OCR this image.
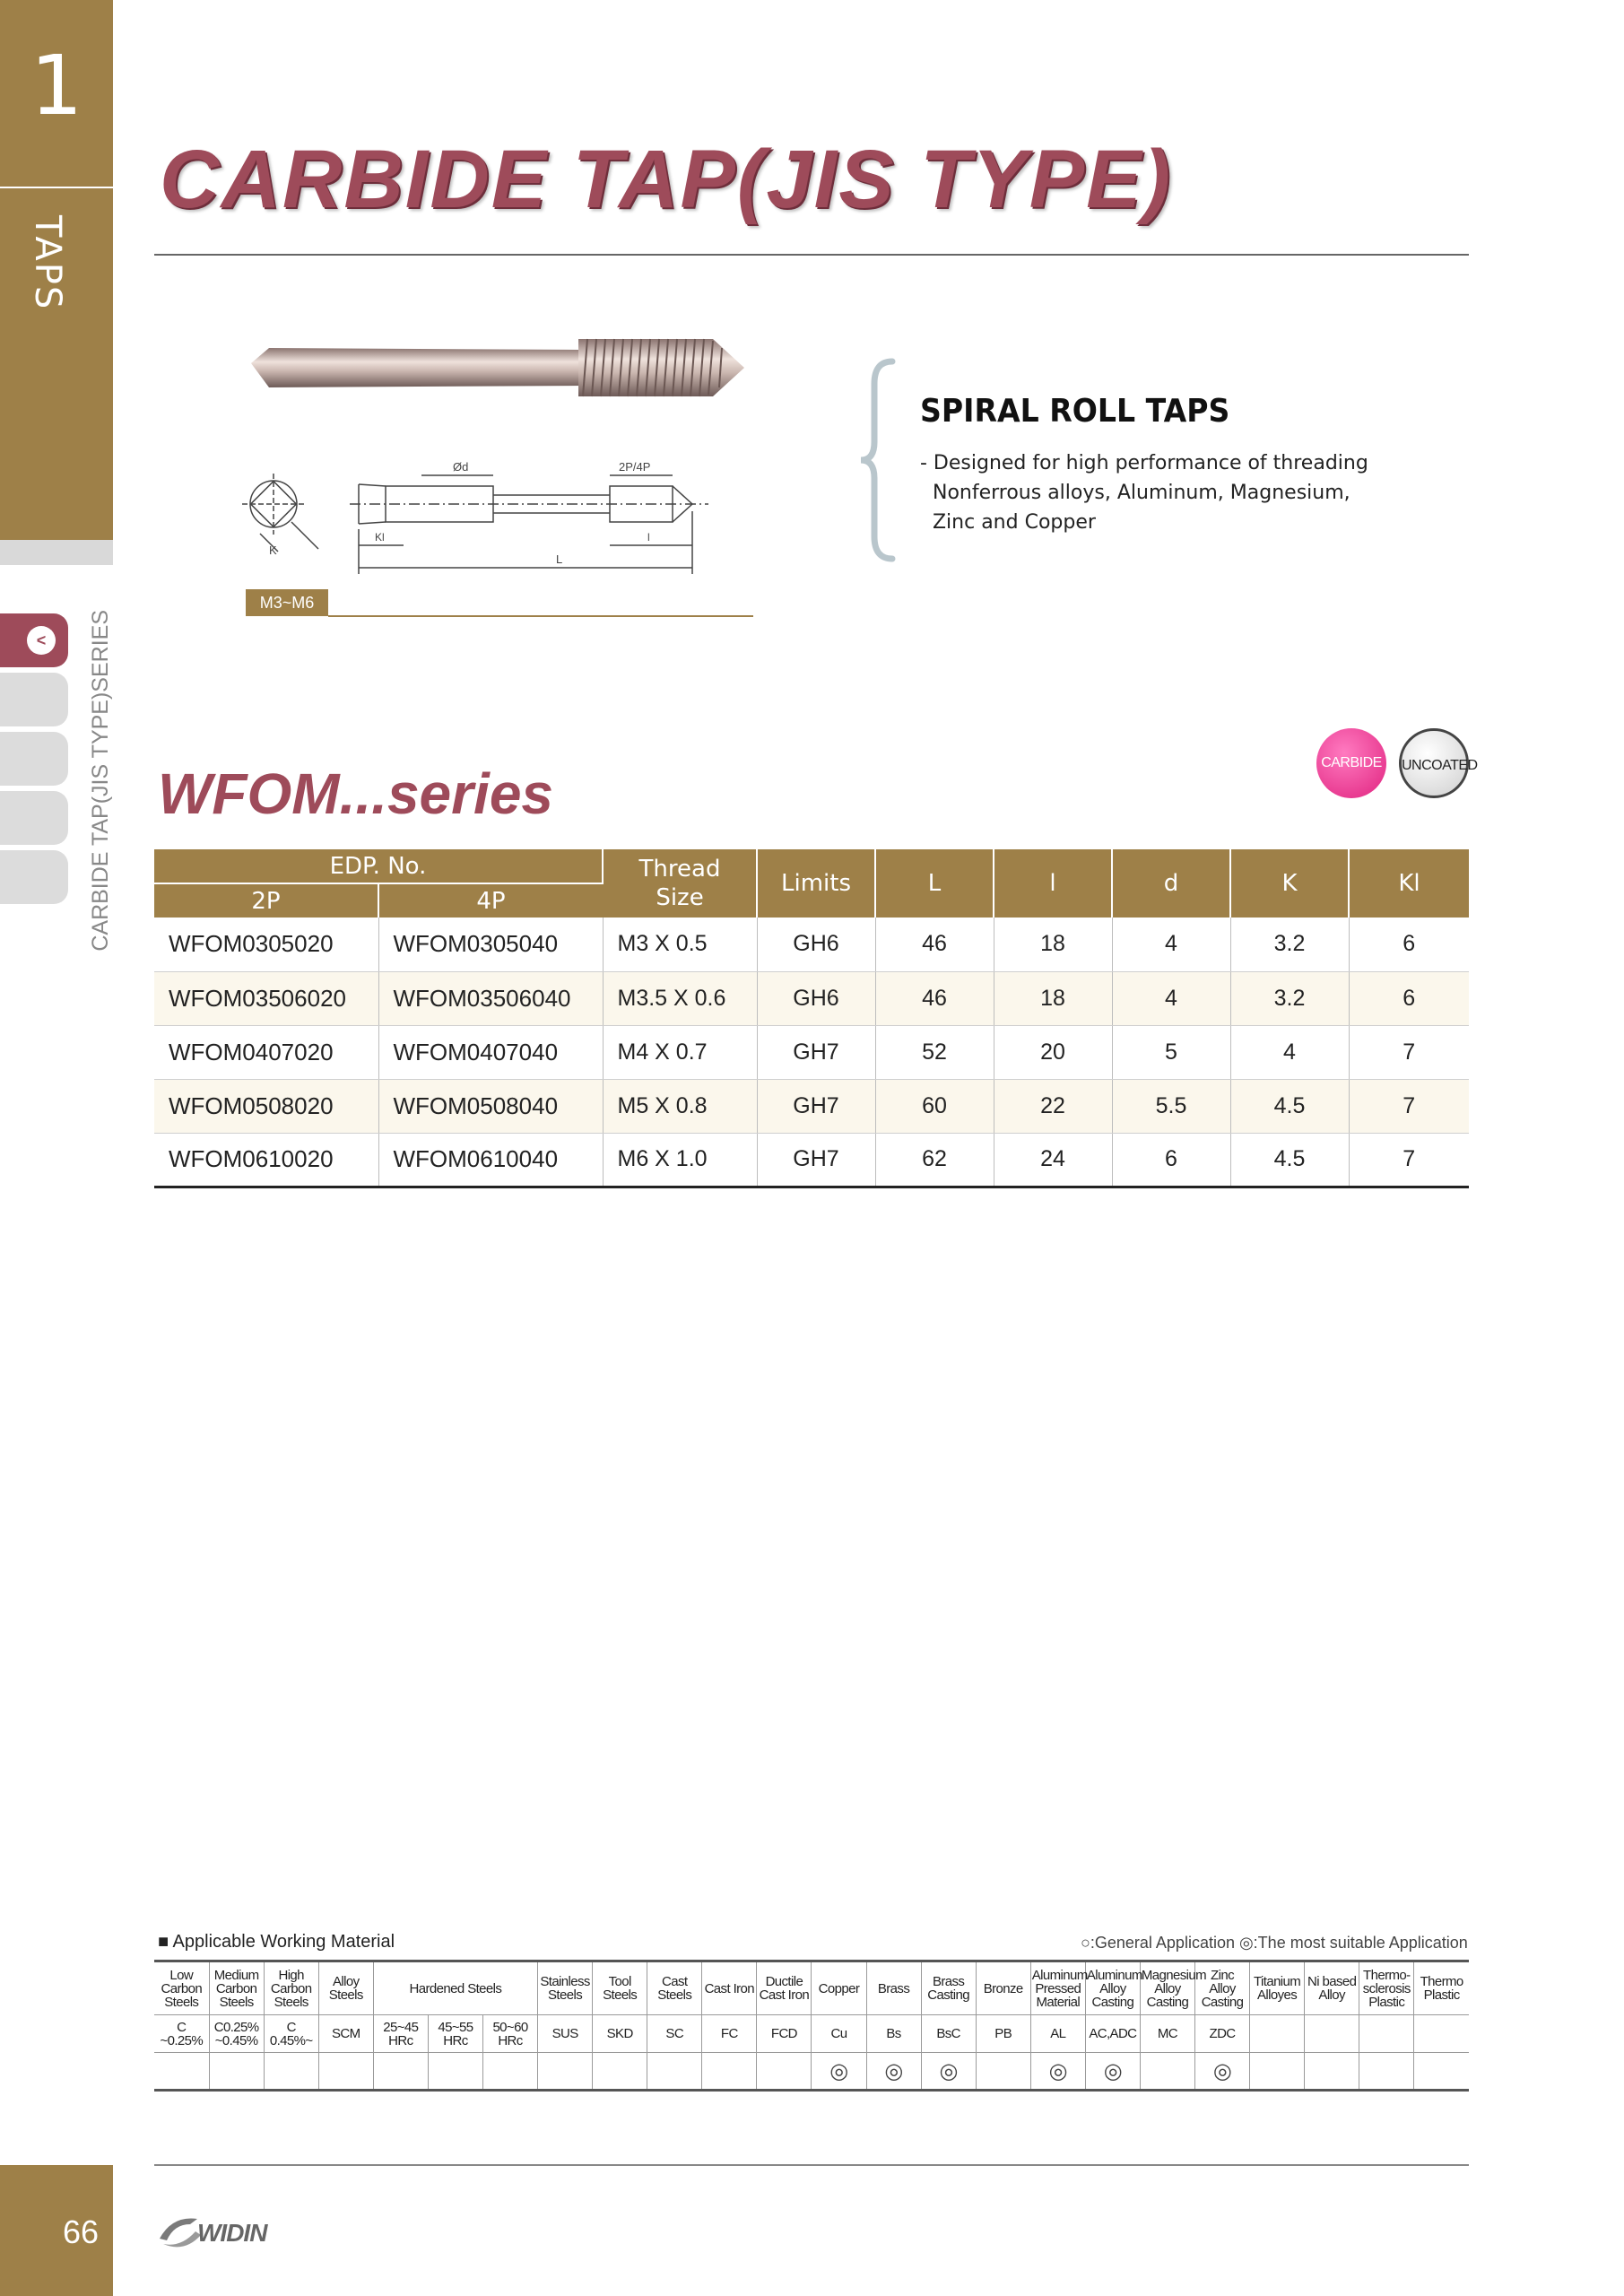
1
TAPS
<	CARBIDE TAP(JIS TYPE)SERIES
CARBIDE TAP(JIS TYPE)
Ød	2P/4P
Kl	l
L
K
M3~M6
SPIRAL ROLL TAPS
- Designed for high performance of threading
Nonferrous alloys, Aluminum, Magnesium,
Zinc and Copper
CARBIDE	UNCOATED
WFOM...series
EDP. No.		Thread Size	Limits	L	l	d	K	Kl
2P	4P							
WFOM0305020	WFOM0305040	M3 X 0.5	GH6	46	18	4	3.2	6
WFOM03506020	WFOM03506040	M3.5 X 0.6	GH6	46	18	4	3.2	6
WFOM0407020	WFOM0407040	M4 X 0.7	GH7	52	20	5	4	7
WFOM0508020	WFOM0508040	M5 X 0.8	GH7	60	22	5.5	4.5	7
WFOM0610020	WFOM0610040	M6 X 1.0	GH7	62	24	6	4.5	7
■ Applicable Working Material	○:General Application ◎:The most suitable Application
Low Carbon Steels	Medium Carbon Steels	High Carbon Steels	Alloy Steels	Hardened Steels			Stainless Steels	Tool Steels	Cast Steels	Cast Iron	Ductile Cast Iron	Copper	Brass	Brass Casting	Bronze	Aluminum Pressed Material	Aluminum Alloy Casting	Magnesium Alloy Casting	Zinc Alloy Casting	Titanium Alloyes	Ni based Alloy	Thermo-sclerosis Plastic	Thermo Plastic
C ~0.25%	C0.25% ~0.45%	C 0.45%~	SCM	25~45 HRc	45~55 HRc	50~60 HRc	SUS	SKD	SC	FC	FCD	Cu	Bs	BsC	PB	AL	AC,ADC	MC	ZDC				
												◎	◎	◎		◎	◎		◎				
66	WIDIN
